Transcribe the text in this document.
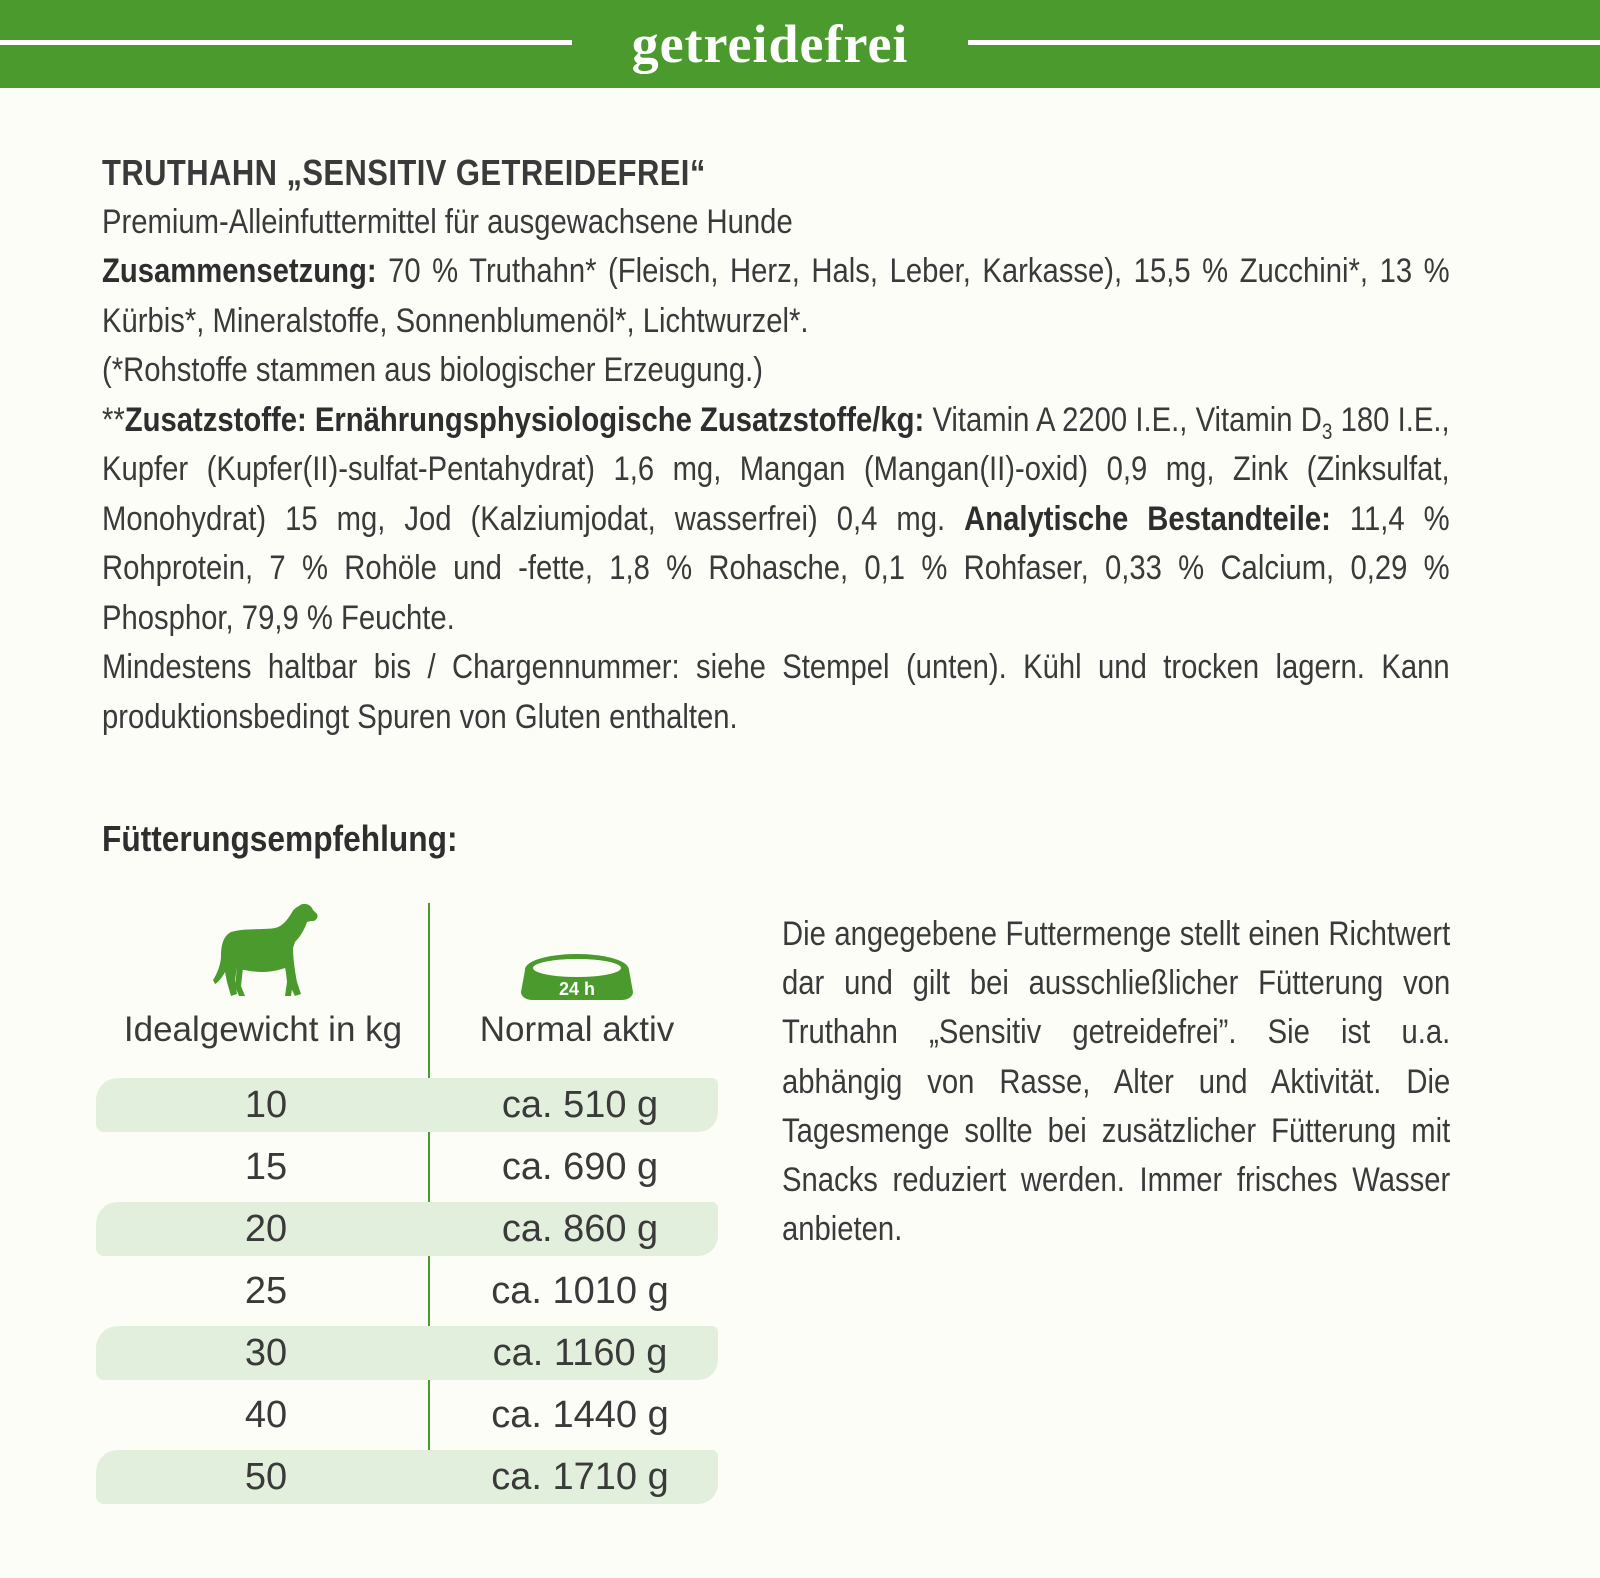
getreidefrei

TRUTHAHN „SENSITIV GETREIDEFREI“

Premium-Alleinfuttermittel für ausgewachsene Hunde

Zusammensetzung: 70 % Truthahn* (Fleisch, Herz, Hals, Leber, Karkasse), 15,5 % Zucchini*, 13 % Kürbis*, Mineralstoffe, Sonnenblumenöl*, Lichtwurzel*.

(*Rohstoffe stammen aus biologischer Erzeugung.)

**Zusatzstoffe: Ernährungsphysiologische Zusatzstoffe/kg: Vitamin A 2200 I.E., Vitamin $D_3$ 180 I.E., Kupfer (Kupfer(II)-sulfat-Pentahydrat) 1,6 mg, Mangan (Mangan(II)-oxid) 0,9 mg, Zink (Zinksulfat, Monohydrat) 15 mg, Jod (Kalziumjodat, wasserfrei) 0,4 mg. Analytische Bestandteile: 11,4 % Rohprotein, 7 % Rohöle und -fette, 1,8 % Rohasche, 0,1 % Rohfaser, 0,33 % Calcium, 0,29 % Phosphor, 79,9 % Feuchte.

Mindestens haltbar bis / Chargennummer: siehe Stempel (unten). Kühl und trocken lagern. Kann produktionsbedingt Spuren von Gluten enthalten.

Fütterungsempfehlung:
24 h
Idealgewicht in kg	Normal aktiv
10	ca. 510 g
15	ca. 690 g
20	ca. 860 g
25	ca. 1010 g
30	ca. 1160 g
40	ca. 1440 g
50	ca. 1710 g
Die angegebene Futtermenge stellt einen Richtwert dar und gilt bei ausschließlicher Fütterung von Truthahn „Sensitiv getreidefrei”. Sie ist u.a. abhängig von Rasse, Alter und Aktivität. Die Tagesmenge sollte bei zusätzlicher Fütterung mit Snacks reduziert werden. Immer frisches Wasser anbieten.
